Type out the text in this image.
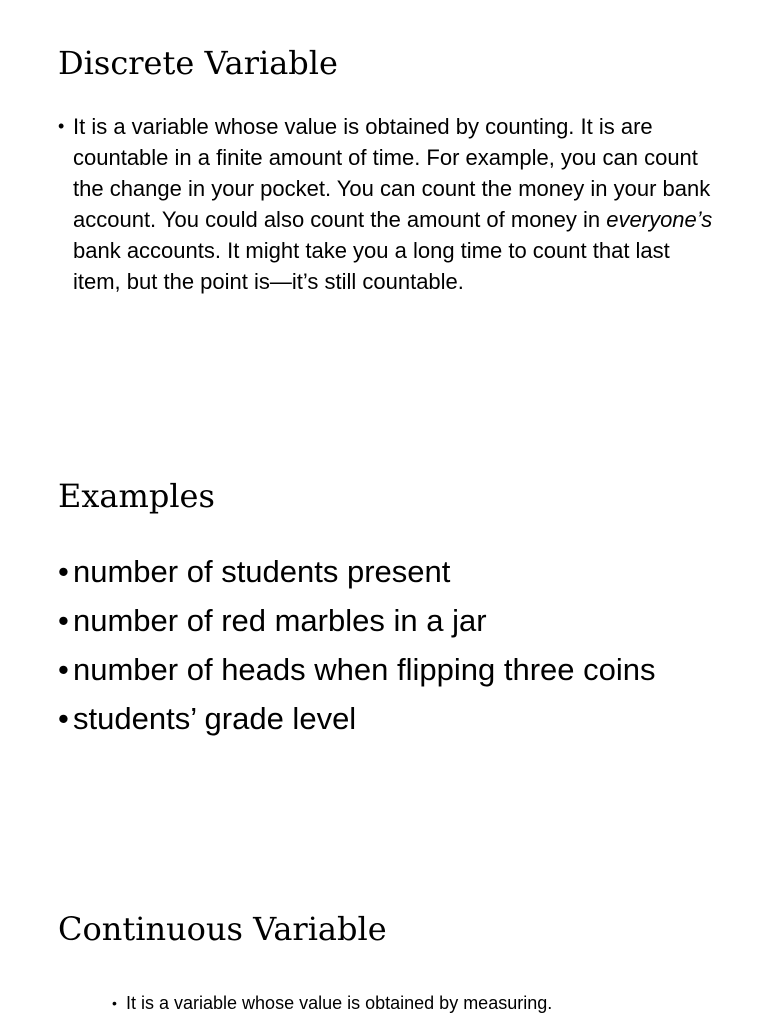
Discrete Variable
• It is a variable whose value is obtained by counting. It is are countable in a finite amount of time. For example, you can count the change in your pocket. You can count the money in your bank account. You could also count the amount of money in everyone’s bank accounts. It might take you a long time to count that last item, but the point is—it’s still countable.
Examples
• number of students present
• number of red marbles in a jar
• number of heads when flipping three coins
• students’ grade level
Continuous Variable
• It is a variable whose value is obtained by measuring.
